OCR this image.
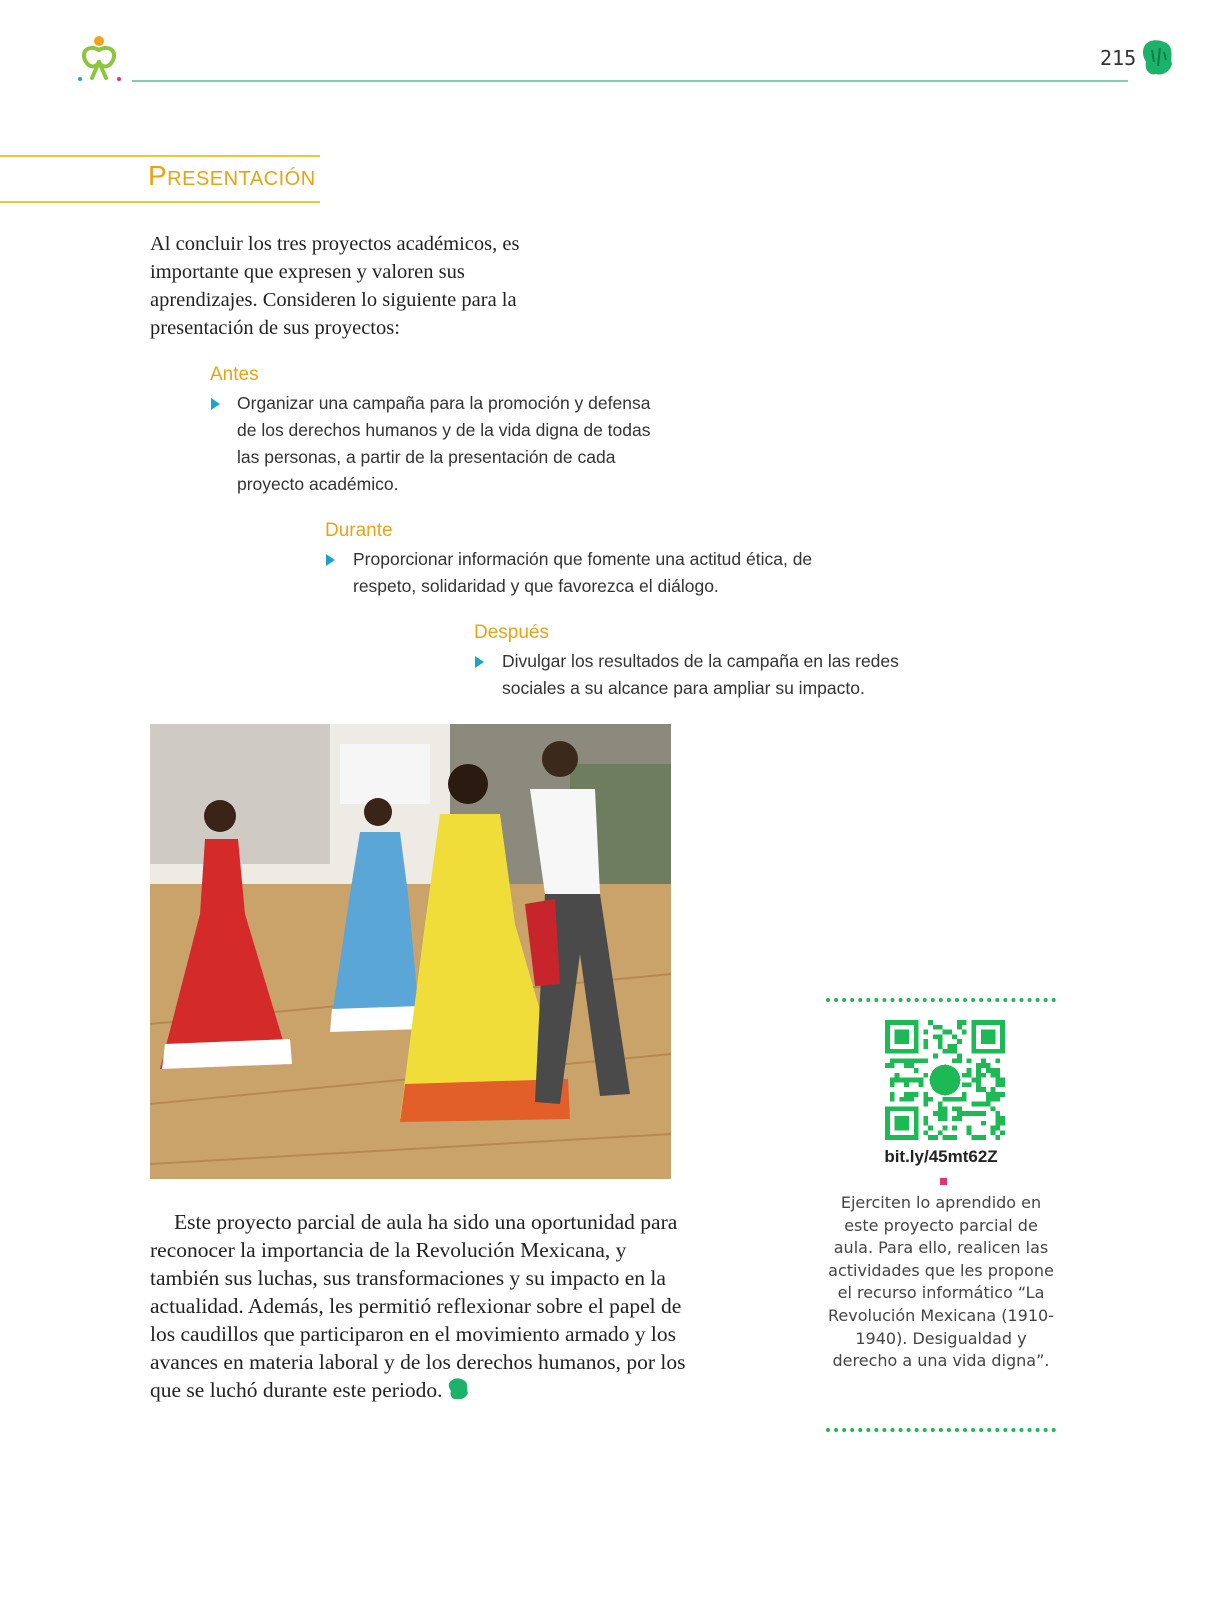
215
Presentación
Al concluir los tres proyectos académicos, es importante que expresen y valoren sus aprendizajes. Consideren lo siguiente para la presentación de sus proyectos:
Antes
Organizar una campaña para la promoción y defensa de los derechos humanos y de la vida digna de todas las personas, a partir de la presentación de cada proyecto académico.
Durante
Proporcionar información que fomente una actitud ética, de respeto, solidaridad y que favorezca el diálogo.
Después
Divulgar los resultados de la campaña en las redes sociales a su alcance para ampliar su impacto.
Este proyecto parcial de aula ha sido una oportunidad para reconocer la importancia de la Revolución Mexicana, y también sus luchas, sus transformaciones y su impacto en la actualidad. Además, les permitió reflexionar sobre el papel de los caudillos que participaron en el movimiento armado y los avances en materia laboral y de los derechos humanos, por los que se luchó durante este periodo.
bit.ly/45mt62Z
Ejerciten lo aprendido en este proyecto parcial de aula. Para ello, realicen las actividades que les propone el recurso informático “La Revolución Mexicana (1910-1940). Desigualdad y derecho a una vida digna”.
